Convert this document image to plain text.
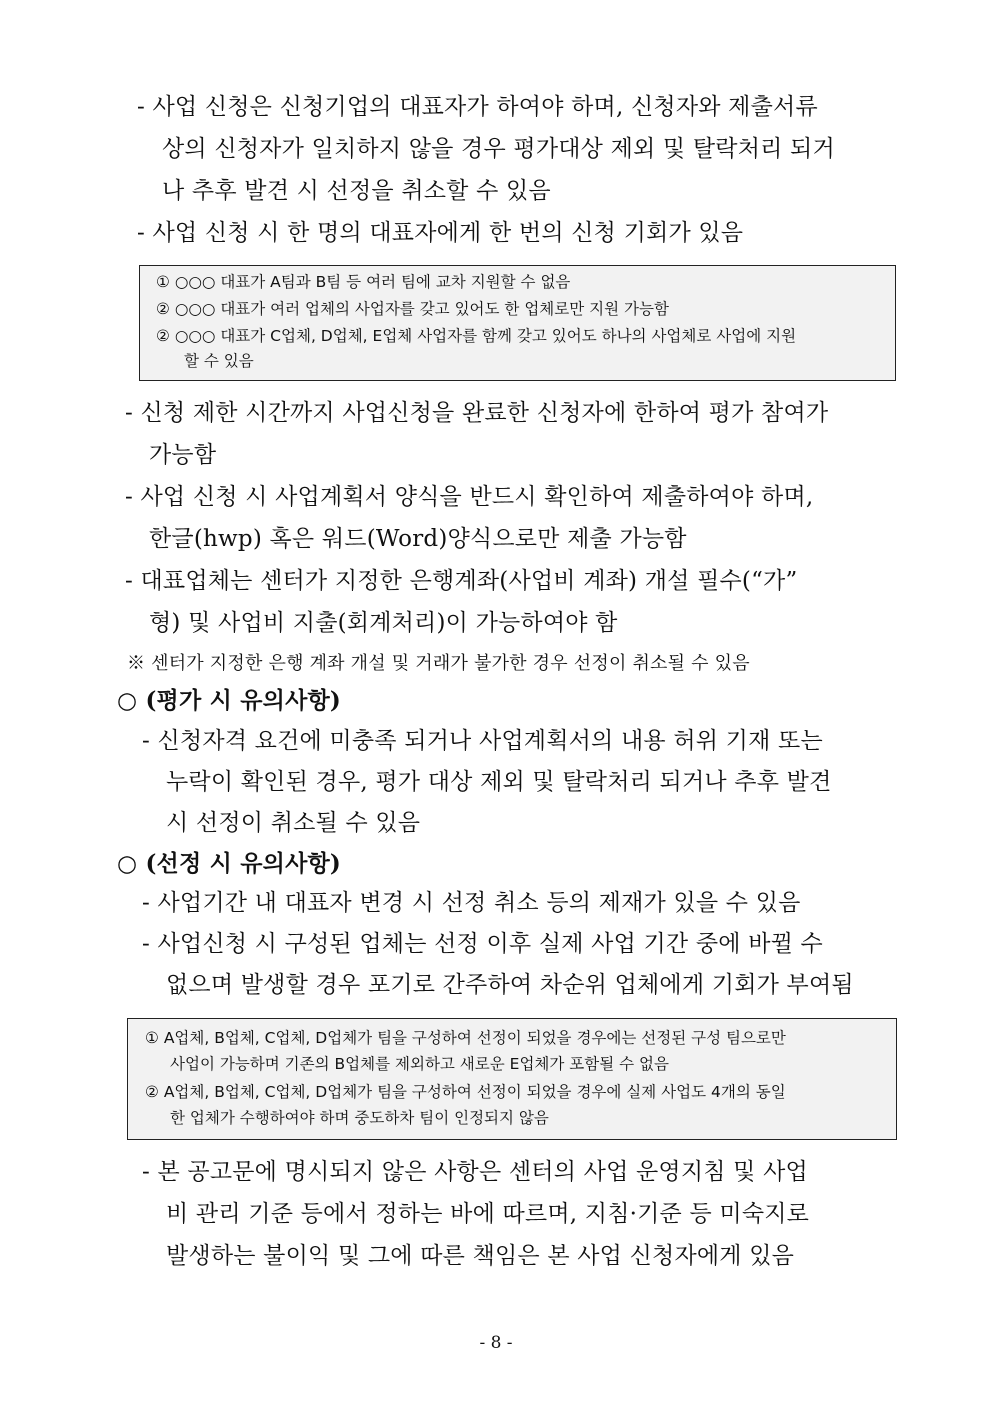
- 사업 신청은 신청기업의 대표자가 하여야 하며, 신청자와 제출서류
상의 신청자가 일치하지 않을 경우 평가대상 제외 및 탈락처리 되거
나 추후 발견 시 선정을 취소할 수 있음
- 사업 신청 시 한 명의 대표자에게 한 번의 신청 기회가 있음
① ○○○ 대표가 A팀과 B팀 등 여러 팀에 교차 지원할 수 없음
② ○○○ 대표가 여러 업체의 사업자를 갖고 있어도 한 업체로만 지원 가능함
② ○○○ 대표가 C업체, D업체, E업체 사업자를 함께 갖고 있어도 하나의 사업체로 사업에 지원
할 수 있음
- 신청 제한 시간까지 사업신청을 완료한 신청자에 한하여 평가 참여가
가능함
- 사업 신청 시 사업계획서 양식을 반드시 확인하여 제출하여야 하며,
한글(hwp) 혹은 워드(Word)양식으로만 제출 가능함
- 대표업체는 센터가 지정한 은행계좌(사업비 계좌) 개설 필수(“가”
형) 및 사업비 지출(회계처리)이 가능하여야 함
※ 센터가 지정한 은행 계좌 개설 및 거래가 불가한 경우 선정이 취소될 수 있음
○ (평가 시 유의사항)
- 신청자격 요건에 미충족 되거나 사업계획서의 내용 허위 기재 또는
누락이 확인된 경우, 평가 대상 제외 및 탈락처리 되거나 추후 발견
시 선정이 취소될 수 있음
○ (선정 시 유의사항)
- 사업기간 내 대표자 변경 시 선정 취소 등의 제재가 있을 수 있음
- 사업신청 시 구성된 업체는 선정 이후 실제 사업 기간 중에 바뀔 수
없으며 발생할 경우 포기로 간주하여 차순위 업체에게 기회가 부여됨
① A업체, B업체, C업체, D업체가 팀을 구성하여 선정이 되었을 경우에는 선정된 구성 팀으로만
사업이 가능하며 기존의 B업체를 제외하고 새로운 E업체가 포함될 수 없음
② A업체, B업체, C업체, D업체가 팀을 구성하여 선정이 되었을 경우에 실제 사업도 4개의 동일
한 업체가 수행하여야 하며 중도하차 팀이 인정되지 않음
- 본 공고문에 명시되지 않은 사항은 센터의 사업 운영지침 및 사업
비 관리 기준 등에서 정하는 바에 따르며, 지침·기준 등 미숙지로
발생하는 불이익 및 그에 따른 책임은 본 사업 신청자에게 있음
- 8 -
